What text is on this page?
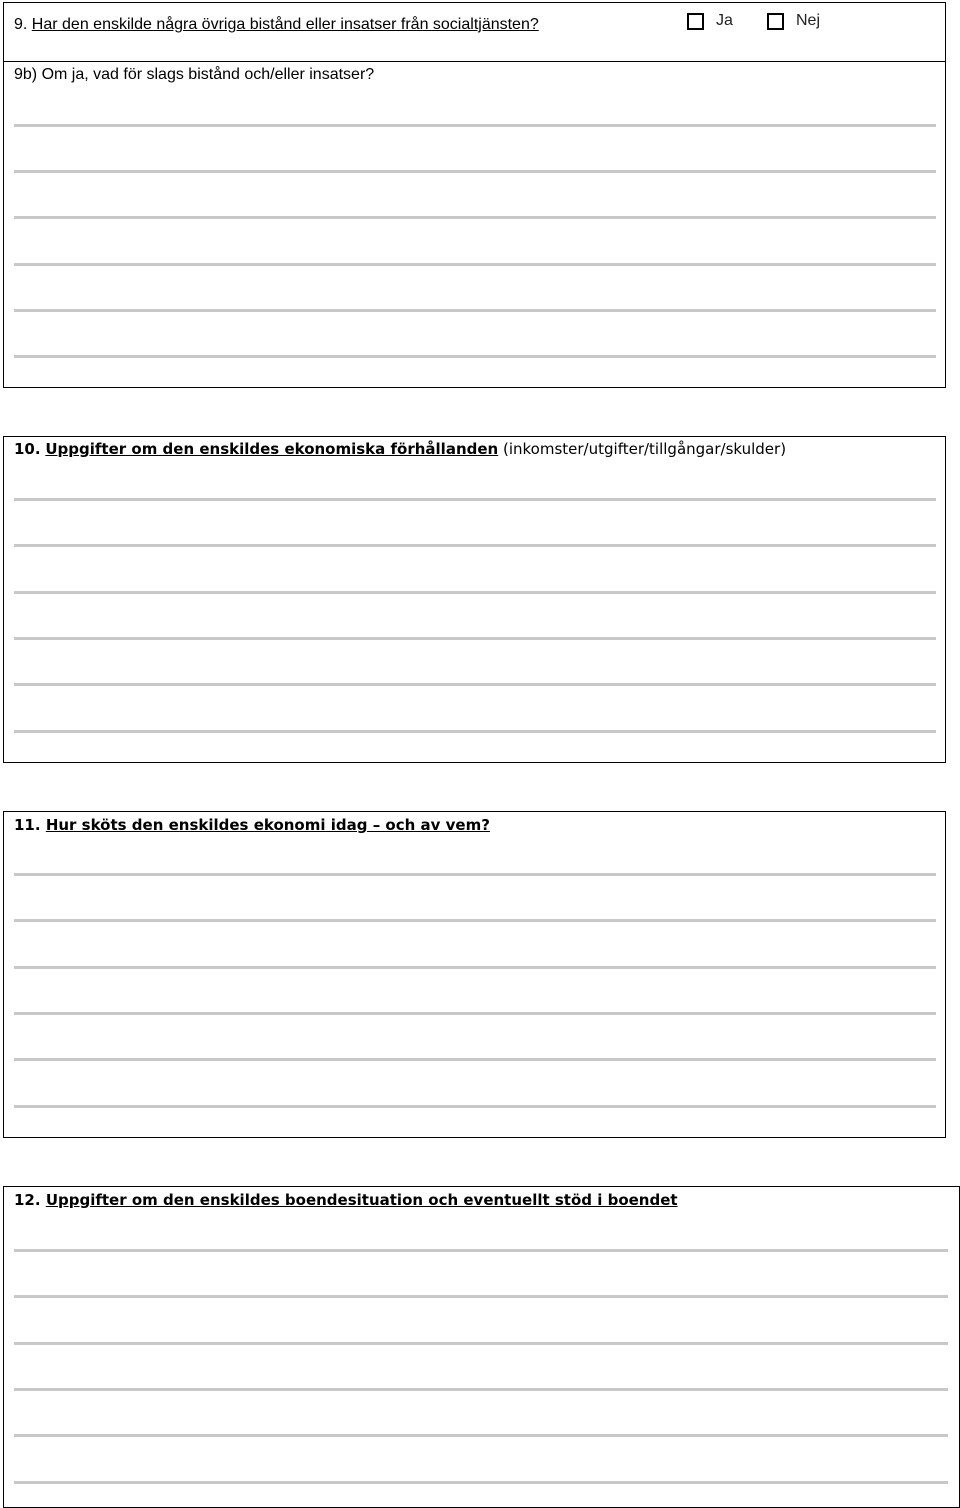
9. Har den enskilde några övriga bistånd eller insatser från socialtjänsten?	Ja	Nej
9b) Om ja, vad för slags bistånd och/eller insatser?
10. Uppgifter om den enskildes ekonomiska förhållanden (inkomster/utgifter/tillgångar/skulder)
11. Hur sköts den enskildes ekonomi idag – och av vem?
12. Uppgifter om den enskildes boendesituation och eventuellt stöd i boendet
